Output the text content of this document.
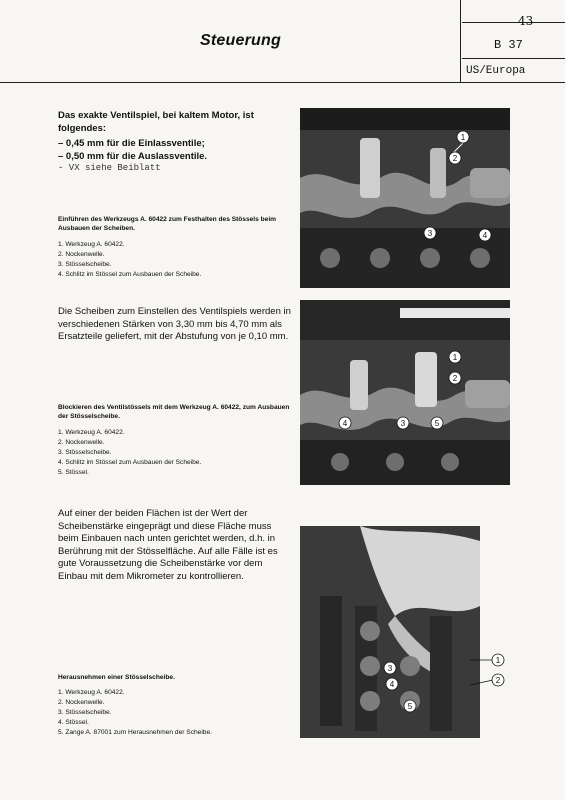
Steuerung
43
B 37
US/Europa
Das exakte Ventilspiel, bei kaltem Motor, ist folgendes:
– 0,45 mm für die Einlassventile;
– 0,50 mm für die Auslassventile.
- VX siehe Beiblatt
Einführen des Werkzeugs A. 60422 zum Festhalten des Stössels beim Ausbauen der Scheiben.
1. Werkzeug A. 60422.
2. Nockenwelle.
3. Stösselscheibe.
4. Schlitz im Stössel zum Ausbauen der Scheibe.
Die Scheiben zum Einstellen des Ventilspiels werden in verschiedenen Stärken von 3,30 mm bis 4,70 mm als Ersatzteile geliefert, mit der Abstufung von je 0,10 mm.
Blockieren des Ventilstössels mit dem Werkzeug A. 60422, zum Ausbauen der Stösselscheibe.
1. Werkzeug A. 60422.
2. Nockenwelle.
3. Stösselscheibe.
4. Schlitz im Stössel zum Ausbauen der Scheibe.
5. Stössel.
Auf einer der beiden Flächen ist der Wert der Scheibenstärke eingeprägt und diese Fläche muss beim Einbauen nach unten gerichtet werden, d.h. in Berührung mit der Stösselfläche. Auf alle Fälle ist es gute Voraussetzung die Scheibenstärke vor dem Einbau mit dem Mikrometer zu kontrollieren.
Herausnehmen einer Stösselscheibe.
1. Werkzeug A. 60422.
2. Nockenwelle.
3. Stösselscheibe.
4. Stössel.
5. Zange A. 87001 zum Herausnehmen der Scheibe.
1
2
3	4
1
2
3
4	5
3
4
5
1
2
